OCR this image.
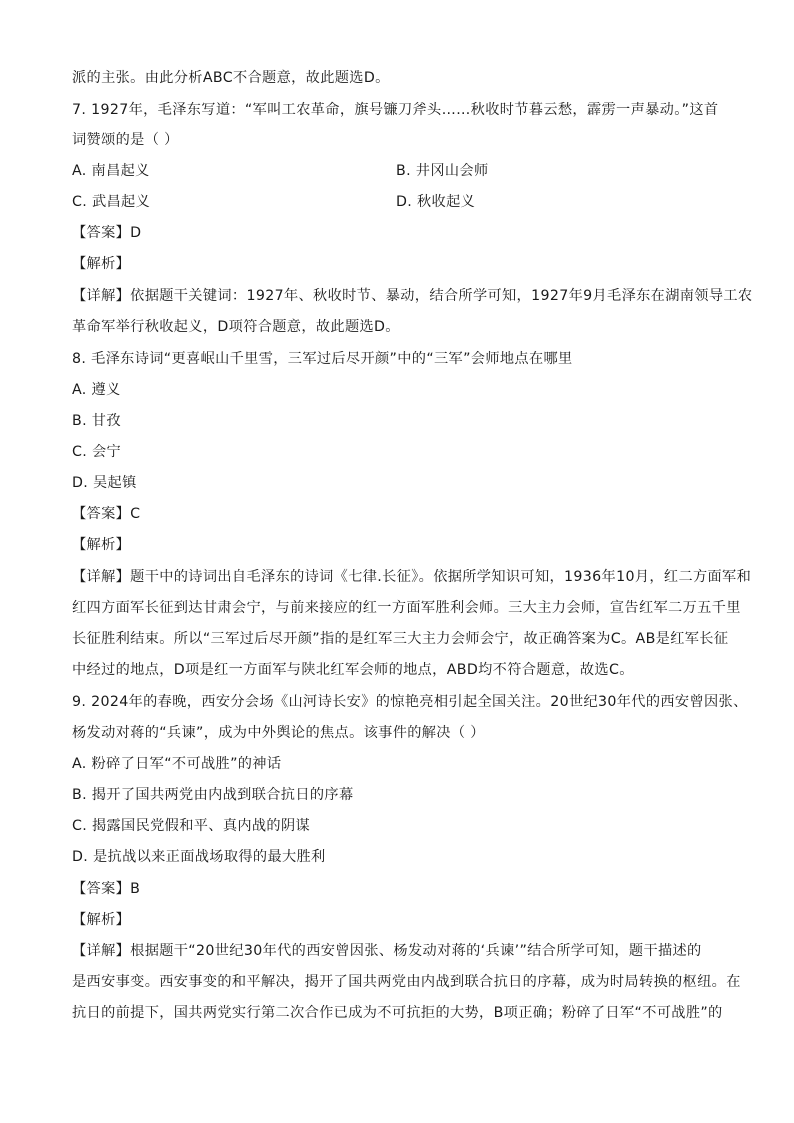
派的主张。由此分析ABC不合题意，故此题选D。
7. 1927年，毛泽东写道：“军叫工农革命，旗号镰刀斧头……秋收时节暮云愁，霹雳一声暴动。”这首
词赞颂的是（ ）
A. 南昌起义	B. 井冈山会师
C. 武昌起义	D. 秋收起义
【答案】D
【解析】
【详解】依据题干关键词：1927年、秋收时节、暴动，结合所学可知，1927年9月毛泽东在湖南领导工农
革命军举行秋收起义，D项符合题意，故此题选D。
8. 毛泽东诗词“更喜岷山千里雪，三军过后尽开颜”中的“三军”会师地点在哪里
A. 遵义
B. 甘孜
C. 会宁
D. 吴起镇
【答案】C
【解析】
【详解】题干中的诗词出自毛泽东的诗词《七律.长征》。依据所学知识可知，1936年10月，红二方面军和
红四方面军长征到达甘肃会宁，与前来接应的红一方面军胜利会师。三大主力会师，宣告红军二万五千里
长征胜利结束。所以“三军过后尽开颜”指的是红军三大主力会师会宁，故正确答案为C。AB是红军长征
中经过的地点，D项是红一方面军与陕北红军会师的地点，ABD均不符合题意，故选C。
9. 2024年的春晚，西安分会场《山河诗长安》的惊艳亮相引起全国关注。20世纪30年代的西安曾因张、
杨发动对蒋的“兵谏”，成为中外舆论的焦点。该事件的解决（ ）
A. 粉碎了日军“不可战胜”的神话
B. 揭开了国共两党由内战到联合抗日的序幕
C. 揭露国民党假和平、真内战的阴谋
D. 是抗战以来正面战场取得的最大胜利
【答案】B
【解析】
【详解】根据题干“20世纪30年代的西安曾因张、杨发动对蒋的‘兵谏’”结合所学可知，题干描述的
是西安事变。西安事变的和平解决，揭开了国共两党由内战到联合抗日的序幕，成为时局转换的枢纽。在
抗日的前提下，国共两党实行第二次合作已成为不可抗拒的大势，B项正确；粉碎了日军“不可战胜”的
